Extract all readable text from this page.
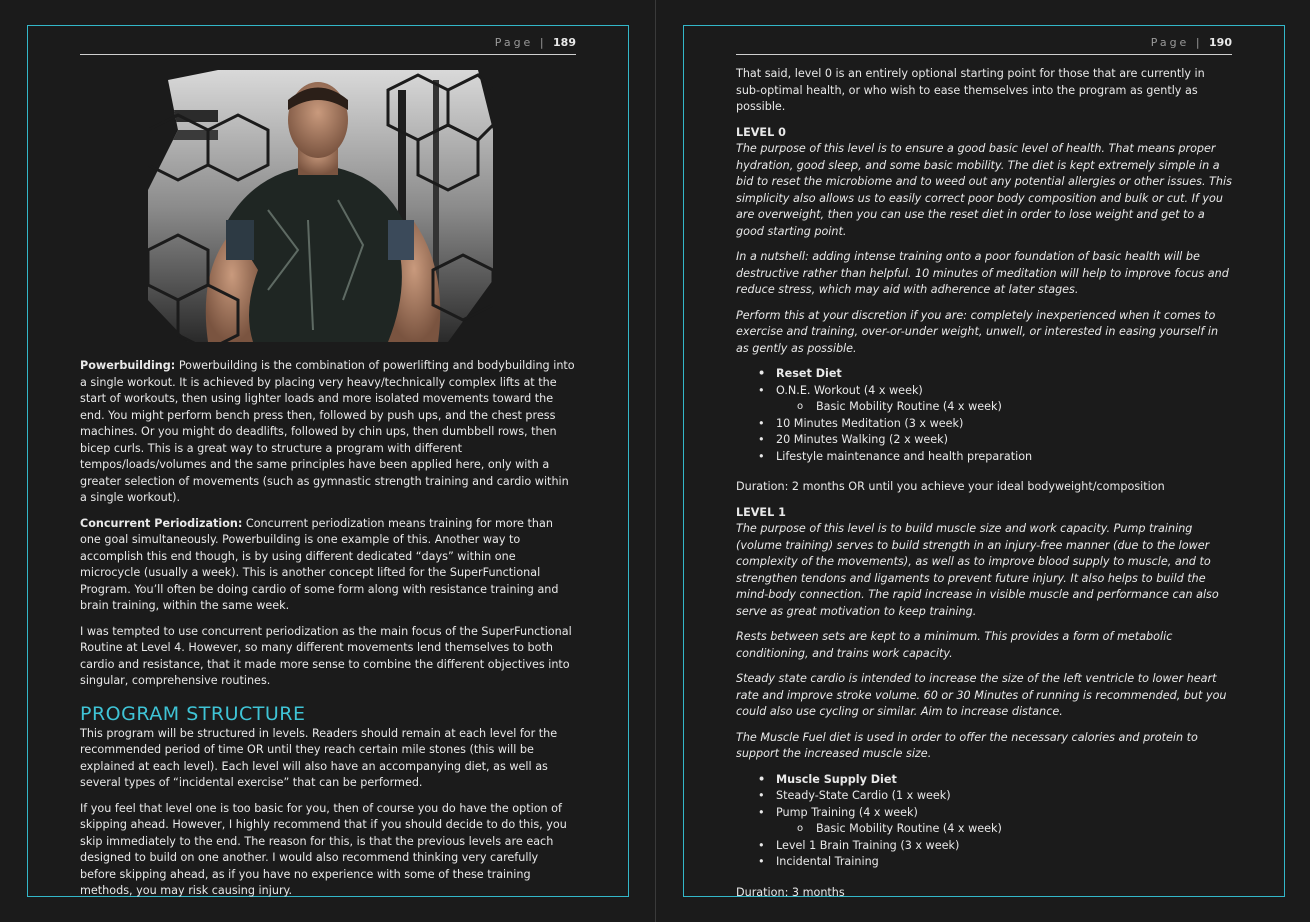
Page | 189

Powerbuilding: Powerbuilding is the combination of powerlifting and bodybuilding into a single workout. It is achieved by placing very heavy/technically complex lifts at the start of workouts, then using lighter loads and more isolated movements toward the end. You might perform bench press then, followed by push ups, and the chest press machines. Or you might do deadlifts, followed by chin ups, then dumbbell rows, then bicep curls. This is a great way to structure a program with different tempos/loads/volumes and the same principles have been applied here, only with a greater selection of movements (such as gymnastic strength training and cardio within a single workout).

Concurrent Periodization: Concurrent periodization means training for more than one goal simultaneously. Powerbuilding is one example of this. Another way to accomplish this end though, is by using different dedicated “days” within one microcycle (usually a week). This is another concept lifted for the SuperFunctional Program. You’ll often be doing cardio of some form along with resistance training and brain training, within the same week.

I was tempted to use concurrent periodization as the main focus of the SuperFunctional Routine at Level 4. However, so many different movements lend themselves to both cardio and resistance, that it made more sense to combine the different objectives into singular, comprehensive routines.

PROGRAM STRUCTURE

This program will be structured in levels. Readers should remain at each level for the recommended period of time OR until they reach certain mile stones (this will be explained at each level). Each level will also have an accompanying diet, as well as several types of “incidental exercise” that can be performed.

If you feel that level one is too basic for you, then of course you do have the option of skipping ahead. However, I highly recommend that if you should decide to do this, you skip immediately to the end. The reason for this, is that the previous levels are each designed to build on one another. I would also recommend thinking very carefully before skipping ahead, as if you have no experience with some of these training methods, you may risk causing injury.

Page | 190

That said, level 0 is an entirely optional starting point for those that are currently in sub-optimal health, or who wish to ease themselves into the program as gently as possible.

LEVEL 0

The purpose of this level is to ensure a good basic level of health. That means proper hydration, good sleep, and some basic mobility. The diet is kept extremely simple in a bid to reset the microbiome and to weed out any potential allergies or other issues. This simplicity also allows us to easily correct poor body composition and bulk or cut. If you are overweight, then you can use the reset diet in order to lose weight and get to a good starting point.

In a nutshell: adding intense training onto a poor foundation of basic health will be destructive rather than helpful. 10 minutes of meditation will help to improve focus and reduce stress, which may aid with adherence at later stages.

Perform this at your discretion if you are: completely inexperienced when it comes to exercise and training, over-or-under weight, unwell, or interested in easing yourself in as gently as possible.

• Reset Diet
• O.N.E. Workout (4 x week)
o Basic Mobility Routine (4 x week)
• 10 Minutes Meditation (3 x week)
• 20 Minutes Walking (2 x week)
• Lifestyle maintenance and health preparation

Duration: 2 months OR until you achieve your ideal bodyweight/composition

LEVEL 1

The purpose of this level is to build muscle size and work capacity. Pump training (volume training) serves to build strength in an injury-free manner (due to the lower complexity of the movements), as well as to improve blood supply to muscle, and to strengthen tendons and ligaments to prevent future injury. It also helps to build the mind-body connection. The rapid increase in visible muscle and performance can also serve as great motivation to keep training.

Rests between sets are kept to a minimum. This provides a form of metabolic conditioning, and trains work capacity.

Steady state cardio is intended to increase the size of the left ventricle to lower heart rate and improve stroke volume. 60 or 30 Minutes of running is recommended, but you could also use cycling or similar. Aim to increase distance.

The Muscle Fuel diet is used in order to offer the necessary calories and protein to support the increased muscle size.

• Muscle Supply Diet
• Steady-State Cardio (1 x week)
• Pump Training (4 x week)
o Basic Mobility Routine (4 x week)
• Level 1 Brain Training (3 x week)
• Incidental Training

Duration: 3 months
